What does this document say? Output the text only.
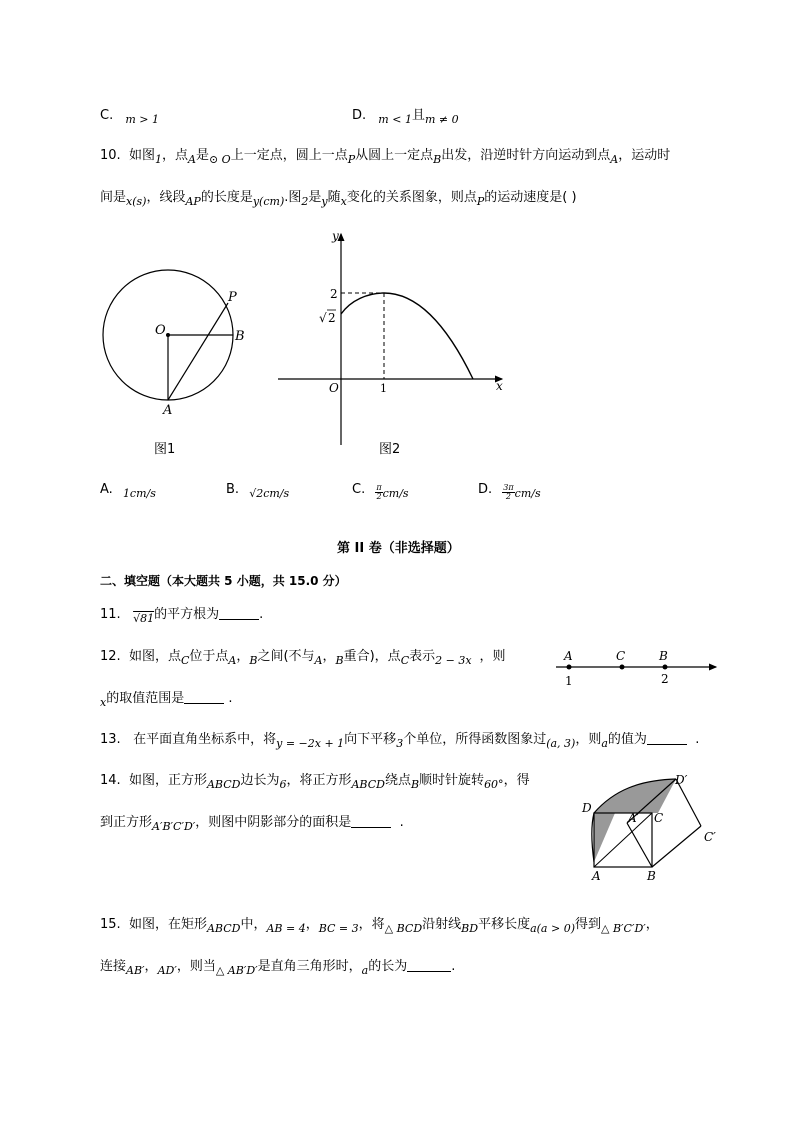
C. $_{m > 1}$	D. $_{m < 1}$且$_{m \ne 0}$
10. 如图$_1$，点$_A$是$_{⊙ O}$上一定点，圆上一点$_P$从圆上一定点$_B$出发，沿逆时针方向运动到点$_A$，运动时
间是$_{x(s)}$，线段$_{AP}$的长度是$_{y(cm)}$.图$_2$是$_y$随$_x$变化的关系图象，则点$_P$的运动速度是( )
O
P
B
A
图1
y
x
O
2
√ 2
1
图2
A. $_{1cm/s}$	B. $_{√2cm/s}$	C. $\frac{\pi}{2} _{cm/s}$	D. $\frac{3\pi}{2} _{cm/s}$
第 II 卷（非选择题）
二、填空题（本大题共 5 小题，共 15.0 分）
11. $_{√81}$的平方根为	.
12. 如图，点$_C$位于点$_A$，$_B$之间(不与$_A$，$_B$重合)，点$_C$表示$_{2 - 3x}$ ，则
$_x$的取值范围是	.
A	C	B
1	2
13. 在平面直角坐标系中，将$_{y = -2x + 1}$向下平移$_3$个单位，所得函数图象过$_{(a, 3)}$，则$_a$的值为	.
14. 如图，正方形$_{ABCD}$边长为$_6$，将正方形$_{ABCD}$绕点$_B$顺时针旋转$_{60^\circ}$，得
到正方形$_{A'B'C'D'}$，则图中阴影部分的面积是	.
D′
D
C
A′
C′
A	B
15. 如图，在矩形$_{ABCD}$中，$_{AB = 4}$，$_{BC = 3}$，将$_{\triangle BCD}$沿射线$_{BD}$平移长度$_{a(a > 0)}$得到$_{\triangle B'C'D'}$，
连接$_{AB'}$，$_{AD'}$，则当$_{\triangle AB'D'}$是直角三角形时，$_a$的长为	.
